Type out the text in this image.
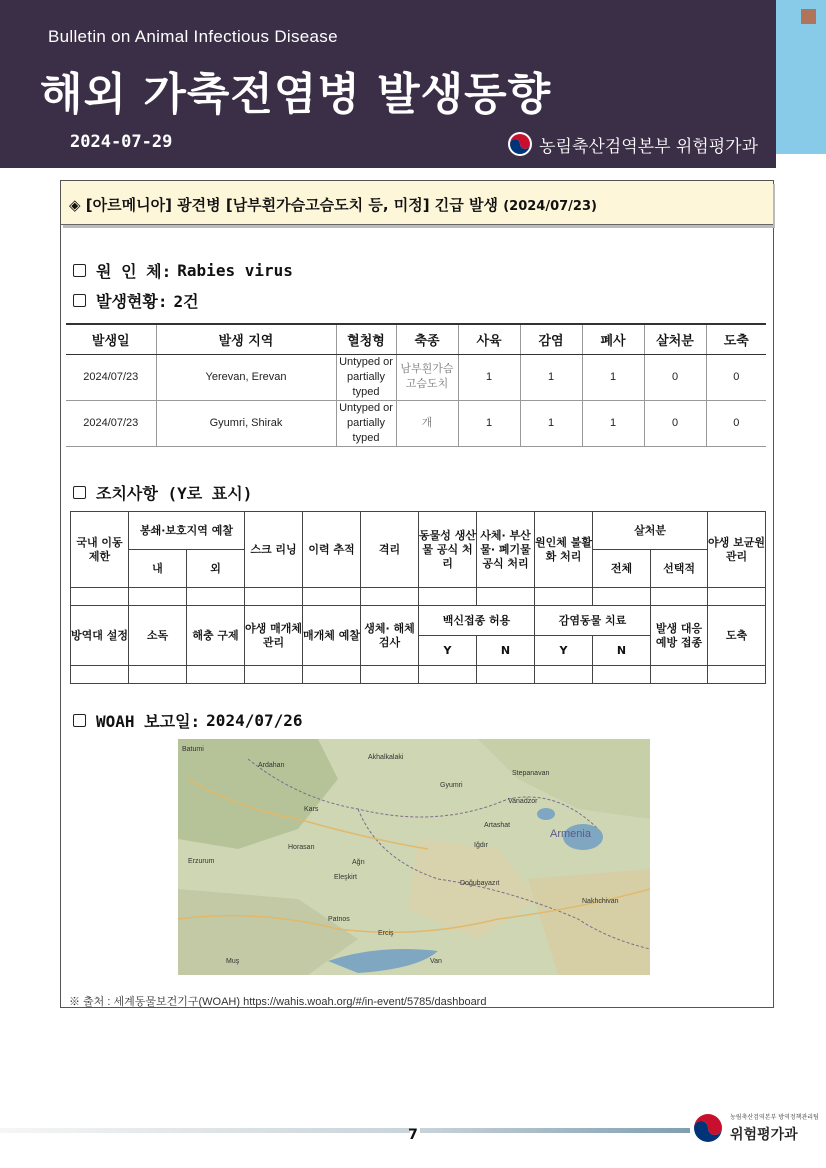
Bulletin on Animal Infectious Disease
해외 가축전염병 발생동향
2024-07-29	농림축산검역본부 위험평가과
◈ [아르메니아] 광견병 [남부흰가슴고슴도치 등, 미정] 긴급 발생 (2024/07/23)
원 인 체: Rabies virus
발생현황: 2건
발생일	발생 지역	혈청형	축종	사육	감염	폐사	살처분	도축
2024/07/23	Yerevan, Erevan	Untyped or partially typed	남부흰가슴고슴도치	1	1	1	0	0
2024/07/23	Gyumri, Shirak	Untyped or partially typed	개	1	1	1	0	0
조치사항 (Y로 표시)
국내 이동 제한	봉쇄·보호지역 예찰		스크 리닝	이력 추적	격리	동물성 생산물 공식 처리	사체· 부산물· 폐기물 공식 처리	원인체 불활화 처리	살처분		야생 보균원 관리
	내	외							전체	선택적	

방역대 설정	소독	해충 구제	야생 매개체 관리	매개체 예찰	생체· 해체 검사	백신접종 허용		감염동물 치료		발생 대응 예방 접종	도축
						Y	N	Y	N		

WOAH 보고일: 2024/07/26
Vanadzor
Gyumri
Ardahan
Kars
Artashat
Iğdır
Ağrı
Doğubayazıt
Erciş
Van
Nakhchivan
Muş
Batumi
Erzurum
Horasan
Eleşkirt
Patnos
Stepanavan
Akhalkalaki
Armenia
※ 출처 : 세계동물보건기구(WOAH) https://wahis.woah.org/#/in-event/5785/dashboard
7
농림축산검역본부 방역정책관리팀
위험평가과
